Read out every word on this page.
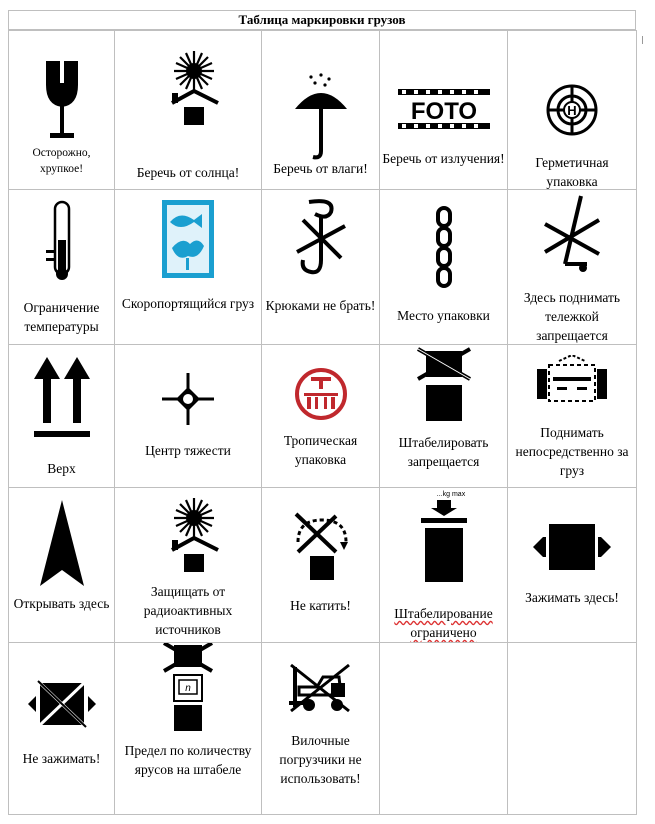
Таблица маркировки грузов
Осторожно, хрупкое!	Беречь от солнца!	Беречь от влаги!
FOTO
Беречь от излучения!
H
Герметичная упаковка
Ограничение температуры
Скоропортящийся груз Крюками не брать!
Место упаковки
Здесь поднимать тележкой запрещается
Верх
Центр тяжести
Тропическая упаковка
Штабелировать запрещается
Поднимать непосредственно за груз
Открывать здесь
Защищать от радиоактивных источников
Не катить!
...kg max
Штабелирование ограничено
Зажимать здесь!
Не зажимать!
n
Предел по количеству ярусов на штабеле
Вилочные погрузчики не использовать!
